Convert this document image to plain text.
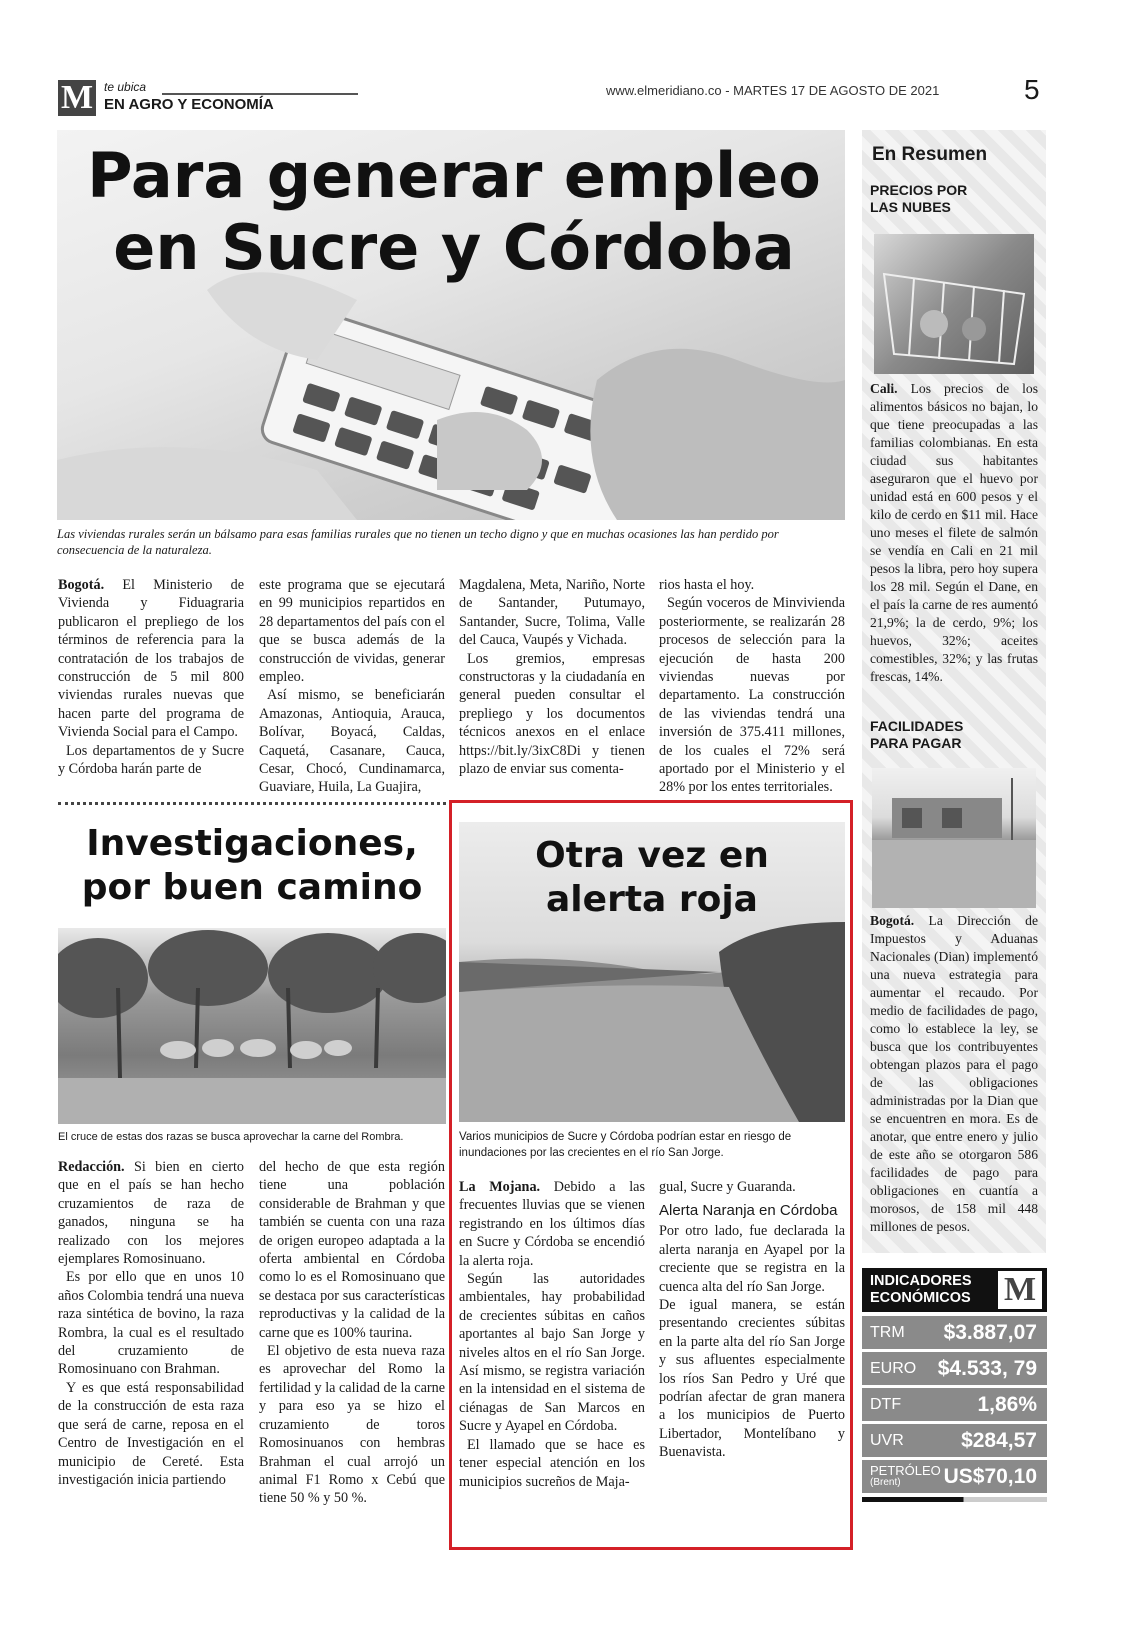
M te ubica
EN AGRO Y ECONOMÍA
www.elmeridiano.co - MARTES 17 DE AGOSTO DE 2021	5
Para generar empleo
en Sucre y Córdoba
Las viviendas rurales serán un bálsamo para esas familias rurales que no tienen un techo digno y que en muchas ocasiones las han perdido por consecuencia de la naturaleza.

Bogotá. El Ministerio de Vivienda y Fiduagraria publicaron el prepliego de los términos de referencia para la contratación de los trabajos de construcción de 5 mil 800 viviendas rurales nuevas que hacen parte del programa de Vivienda Social para el Campo.

Los departamentos de y Sucre y Córdoba harán parte de

este programa que se ejecutará en 99 municipios repartidos en 28 departamentos del país con el que se busca además de la construcción de vividas, generar empleo.

Así mismo, se beneficiarán Amazonas, Antioquia, Arauca, Bolívar, Boyacá, Caldas, Caquetá, Casanare, Cauca, Cesar, Chocó, Cundinamarca, Guaviare, Huila, La Guajira,

Magdalena, Meta, Nariño, Norte de Santander, Putumayo, Santander, Sucre, Tolima, Valle del Cauca, Vaupés y Vichada.

Los gremios, empresas constructoras y la ciudadanía en general pueden consultar el prepliego y los documentos técnicos anexos en el enlace https://bit.ly/3ixC8Di y tienen plazo de enviar sus comenta-

rios hasta el hoy.

Según voceros de Minvivienda posteriormente, se realizarán 28 procesos de selección para la ejecución de hasta 200 viviendas nuevas por departamento. La construcción de las viviendas tendrá una inversión de 375.411 millones, de los cuales el 72% será aportado por el Ministerio y el 28% por los entes territoriales.

Investigaciones,
por buen camino
El cruce de estas dos razas se busca aprovechar la carne del Rombra.

Redacción. Si bien en cierto que en el país se han hecho cruzamientos de raza de ganados, ninguna se ha realizado con los mejores ejemplares Romosinuano.

Es por ello que en unos 10 años Colombia tendrá una nueva raza sintética de bovino, la raza Rombra, la cual es el resultado del cruzamiento de Romosinuano con Brahman.

Y es que está responsabilidad de la construcción de esta raza que será de carne, reposa en el Centro de Investigación en el municipio de Cereté. Esta investigación inicia partiendo

del hecho de que esta región tiene una población considerable de Brahman y que también se cuenta con una raza de origen europeo adaptada a la oferta ambiental en Córdoba como lo es el Romosinuano que se destaca por sus características reproductivas y la calidad de la carne que es 100% taurina.

El objetivo de esta nueva raza es aprovechar del Romo la fertilidad y la calidad de la carne y para eso ya se hizo el cruzamiento de toros Romosinuanos con hembras Brahman el cual arrojó un animal F1 Romo x Cebú que tiene 50 % y 50 %.

Otra vez en
alerta roja
Varios municipios de Sucre y Córdoba podrían estar en riesgo de inundaciones por las crecientes en el río San Jorge.

La Mojana. Debido a las frecuentes lluvias que se vienen registrando en los últimos días en Sucre y Córdoba se encendió la alerta roja.

Según las autoridades ambientales, hay probabilidad de crecientes súbitas en caños aportantes al bajo San Jorge y niveles altos en el río San Jorge. Así mismo, se registra variación en la intensidad en el sistema de ciénagas de San Marcos en Sucre y Ayapel en Córdoba.

El llamado que se hace es tener especial atención en los municipios sucreños de Maja-

gual, Sucre y Guaranda.

Alerta Naranja en Córdoba

Por otro lado, fue declarada la alerta naranja en Ayapel por la creciente que se registra en la cuenca alta del río San Jorge.

De igual manera, se están presentando crecientes súbitas en la parte alta del río San Jorge y sus afluentes especialmente los ríos San Pedro y Uré que podrían afectar de gran manera a los municipios de Puerto Libertador, Montelíbano y Buenavista.

En Resumen
PRECIOS POR
LAS NUBES

Cali. Los precios de los alimentos básicos no bajan, lo que tiene preocupadas a las familias colombianas. En esta ciudad sus habitantes aseguraron que el huevo por unidad está en 600 pesos y el kilo de cerdo en $11 mil. Hace uno meses el filete de salmón se vendía en Cali en 21 mil pesos la libra, pero hoy supera los 28 mil. Según el Dane, en el país la carne de res aumentó 21,9%; la de cerdo, 9%; los huevos, 32%; aceites comestibles, 32%; y las frutas frescas, 14%.

FACILIDADES
PARA PAGAR

Bogotá. La Dirección de Impuestos y Aduanas Nacionales (Dian) implementó una nueva estrategia para aumentar el recaudo. Por medio de facilidades de pago, como lo establece la ley, se busca que los contribuyentes obtengan plazos para el pago de las obligaciones administradas por la Dian que se encuentren en mora. Es de anotar, que entre enero y julio de este año se otorgaron 586 facilidades de pago para obligaciones en cuantía a morosos, de 158 mil 448 millones de pesos.

INDICADORES
ECONÓMICOS M
TRM $3.887,07
EURO $4.533, 79
DTF	1,86%
UVR	$284,57
PETRÓLEO
(Brent)	US$70,10
